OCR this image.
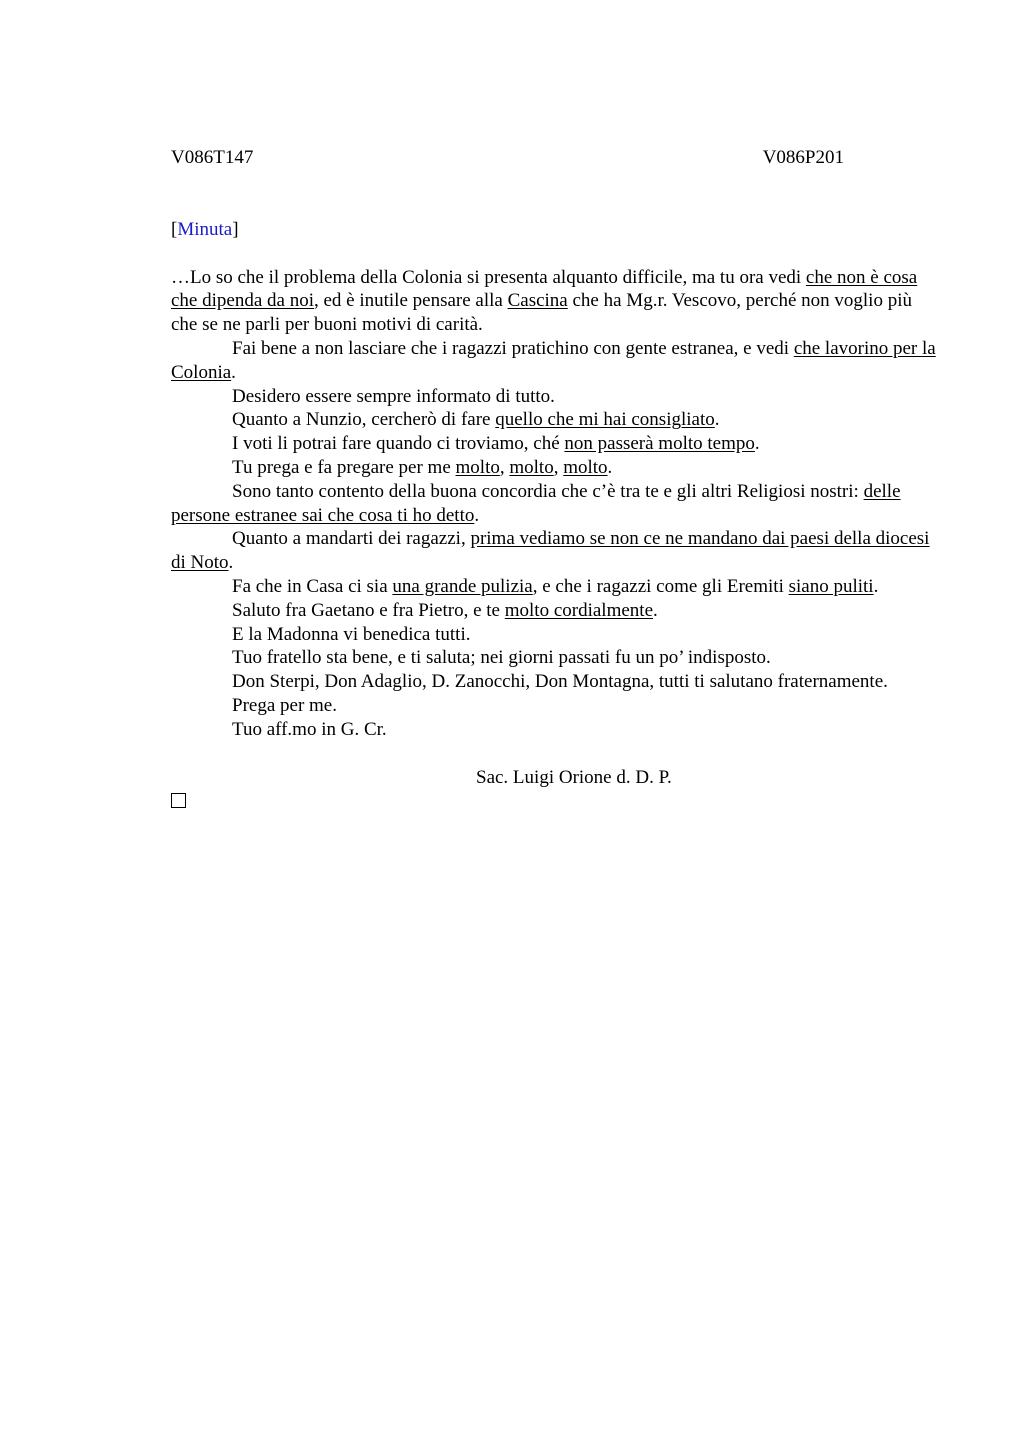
V086T147	V086P201
[Minuta]

…Lo so che il problema della Colonia si presenta alquanto difficile, ma tu ora vedi che non è cosa che dipenda da noi, ed è inutile pensare alla Cascina che ha Mg.r. Vescovo, perché non voglio più che se ne parli per buoni motivi di carità.

Fai bene a non lasciare che i ragazzi pratichino con gente estranea, e vedi che lavorino per la Colonia.

Desidero essere sempre informato di tutto.

Quanto a Nunzio, cercherò di fare quello che mi hai consigliato.

I voti li potrai fare quando ci troviamo, ché non passerà molto tempo.

Tu prega e fa pregare per me molto, molto, molto.

Sono tanto contento della buona concordia che c’è tra te e gli altri Religiosi nostri: delle persone estranee sai che cosa ti ho detto.

Quanto a mandarti dei ragazzi, prima vediamo se non ce ne mandano dai paesi della diocesi di Noto.

Fa che in Casa ci sia una grande pulizia, e che i ragazzi come gli Eremiti siano puliti.

Saluto fra Gaetano e fra Pietro, e te molto cordialmente.

E la Madonna vi benedica tutti.

Tuo fratello sta bene, e ti saluta; nei giorni passati fu un po’ indisposto.

Don Sterpi, Don Adaglio, D. Zanocchi, Don Montagna, tutti ti salutano fraternamente.

Prega per me.

Tuo aff.mo in G. Cr.

Sac. Luigi Orione d. D. P.
